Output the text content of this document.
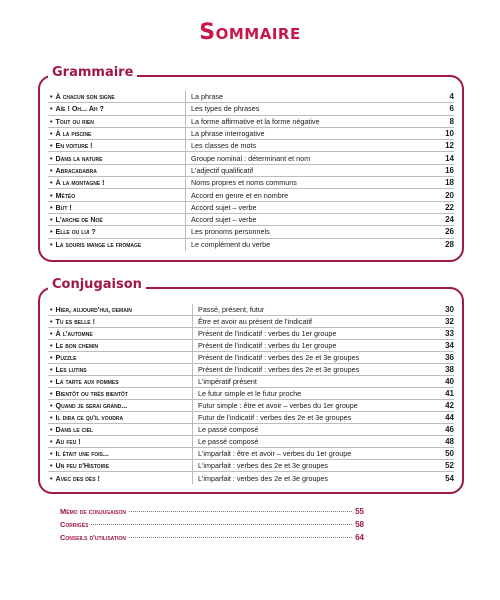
Sommaire
Grammaire
• À chacun son signe	La phrase	4
• Aïe ! Oh... Ah ?	Les types de phrases	6
• Tout ou rien	La forme affirmative et la forme négative	8
• À la piscine	La phrase interrogative	10
• En voiture !	Les classes de mots	12
• Dans la nature	Groupe nominal : déterminant et nom	14
• Abracadabra	L'adjectif qualificatif	16
• À la montagne !	Noms propres et noms communs	18
• Météo	Accord en genre et en nombre	20
• But !	Accord sujet – verbe	22
• L'arche de Noé	Accord sujet – verbe	24
• Elle ou lui ?	Les pronoms personnels	26
• La souris mange le fromage	Le complément du verbe	28
Conjugaison
• Hier, aujourd'hui, demain	Passé, présent, futur	30
• Tu es belle !	Être et avoir au présent de l'indicatif	32
• À l'automne	Présent de l'indicatif : verbes du 1er groupe	33
• Le bon chemin	Présent de l'indicatif : verbes du 1er groupe	34
• Puzzle	Présent de l'indicatif : verbes des 2e et 3e groupes	36
• Les lutins	Présent de l'indicatif : verbes des 2e et 3e groupes	38
• La tarte aux pommes	L'impératif présent	40
• Bientôt ou très bientôt	Le futur simple et le futur proche	41
• Quand je serai grand...	Futur simple : être et avoir – verbes du 1er groupe	42
• Il dira ce qu'il voudra	Futur de l'indicatif : verbes des 2e et 3e groupes	44
• Dans le ciel	Le passé composé	46
• Au feu !	Le passé composé	48
• Il était une fois...	L'imparfait : être et avoir – verbes du 1er groupe	50
• Un peu d'Histoire	L'imparfait : verbes des 2e et 3e groupes	52
• Avec des dés !	L'imparfait : verbes des 2e et 3e groupes	54
Mémo de conjugaison	55
Corrigés	58
Conseils d'utilisation	64
